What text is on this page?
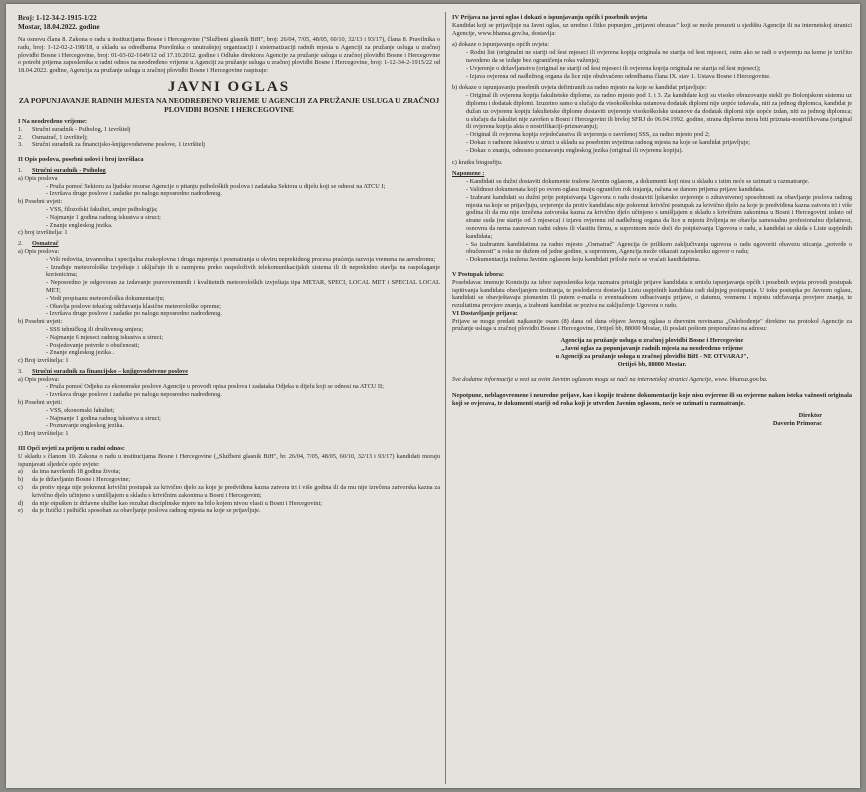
Broj: 1-12-34-2-1915-1/22
Mostar, 18.04.2022. godine

Na osnovu člana 8. Zakona o radu u institucijama Bosne i Hercegovine ("Službeni glasnik BiH", broj: 26/04, 7/05, 48/05, 60/10, 32/13 i 93/17), člana 8. Pravilnika o radu, broj: 1-12-02-2-198/18, u skladu sa odredbama Pravilnika o unutrašnjoj organizaciji i sistematizaciji radnih mjesta u Agenciji za pružanje usluga u zračnoj plovidbi Bosne i Hercegovine, broj: 01-03-02-1649/12 od 17.10.2012. godine i Odluke direktora Agencije za pružanje usluga u zračnoj plovidbi Bosne i Hercegovine o potrebi prijema zaposlenika u radni odnos na neodređeno vrijeme u Agenciji za pružanje usluga u zračnoj plovidbi Bosne i Hercegovine, broj: 1-12-34-2-1915/22 od 18.04.2022. godine, Agencija za pružanje usluga u zračnoj plovidbi Bosne i Hercegovine raspisuje:

JAVNI OGLAS
ZA POPUNJAVANJE RADNIH MJESTA NA NEODREĐENO VRIJEME U AGENCIJI ZA PRUŽANJE USLUGA U ZRAČNOJ PLOVIDBI BOSNE I HERCEGOVINE
I Na neodređeno vrijeme:
1.	Stručni suradnik - Psiholog, 1 izvršitelj
2.	Osmatrač, 1 izvršitelj;
3.	Stručni suradnik za financijsko-knjigovodstvene poslove, 1 izvršitelj
II Opis poslova, posebni uslovi i broj izvršilaca
1.	Stručni suradnik - Psiholog
a) Opis poslova
- Pruža pomoć Sektoru za ljudske resurse Agencije o pitanju psiholoških poslova i zadataka Sektora u dijelu koji se odnosi na ATCU I;
- Izvršava druge poslove i zadatke po nalogu neposredno nadređenog.
b) Posebni uvjeti:
- VSS, filozofski fakultet, smjer psihologija;
- Najmanje 1 godina radnog iskustva u struci;
- Znanje engleskog jezika.
c) broj izvršitelja: 1
2.	Osmatrač
a) Opis poslova:
- Vrši redovita, izvanredna i specijalna zrakoplovna i druga mjerenja i posmatranja u okviru neprekidnog procesa praćenja razvoja vremena na aerodromu;
- Izrađuje meteorološke izvještaje i uključuje ih u razmjenu preko raspoloživih telekomunikacijskih sistema ili ih neprekidno stavlja na raspolaganje korisnicima;
- Neposredno je odgovoran za izdavanje pravovremenih i kvalitetnih meteoroloških izvještaja tipa METAR, SPECI, LOCAL MET i SPECIAL LOCAL MET;
- Vodi propisanu meteorološku dokumentaciju;
- Obavlja poslove tekućeg održavanja klasične meteorološke opreme;
- Izvršava druge poslove i zadatke po nalogu neposredno nadređenog.
b) Posebni uvjeti:
- SSS tehničkog ili društvenog smjera;
- Najmanje 6 mjeseci radnog iskustva u struci;
- Posjedovanje potvrde o obučenosti;
- Znanje engleskog jezika .
c) Broj izvršitelja: 1
3.	Stručni suradnik za financijsko – knjigovodstvene poslove
a) Opis poslova:
- Pruža pomoć Odjeku za ekonomske poslove Agencije u provođi opisa poslova i zadataka Odjeka u dijelu koji se odnosi na ATCU II;
- Izvršava druge poslove i zadatke po nalogu neposredno nadređenog.
b) Posebni uvjeti:
- VSS, ekonomski fakultet;
- Najmanje 1 godina radnog iskustva u struci;
- Poznavanje engleskog jezika.
c) Broj izvršitelja: 1
III Opći uvjeti za prijem u radni odnos:

U skladu s članom 10. Zakona o radu u institucijama Bosne i Hercegovine („Službeni glasnik BiH", br. 26/04, 7/05, 48/05, 60/10, 32/13 i 93/17) kandidati moraju ispunjavati sljedeće opće uvjete:

a)	da ima navršenih 18 godina života;
b)	da je državljanin Bosne i Hercegovine;
c)	da protiv njega nije pokrenut krivični postupak za krivično djelo za koje je predviđena kazna zatvora tri i više godina ili da mu nije izrečena zatvorska kazna za krivično djelo učinjeno s umišljajem u skladu s krivičnim zakonima u Bosni i Hercegovini;
d)	da nije otpušten iz državne službe kao rezultat disciplinske mjere na bilo kojem nivou vlasti u Bosni i Hercegovini;
e)	da je fizički i psihički sposoban za obavljanje poslova radnog mjesta na koje se prijavljuje.
IV Prijava na javni oglas i dokazi o ispunjavanju općih i posebnih uvjeta

Kandidat koji se prijavljuje na Javni oglas, uz uredno i čitko popunjen „prijavni obrazac" koji se može preuzeti u sjedištu Agencije ili na internetskoj stranici Agencije, www.bhansa.gov.ba, dostavlja:

a) dokaze o ispunjavanju općih uvjeta:
- Rodni list (originalni ne stariji od šest mjeseci ili ovjerena kopija originala ne starija od šest mjeseci, osim ako se radi o uvjerenju na kome je izričito navedeno da se izdaje bez ograničenja roka važenja);
- Uvjerenje o državljanstvu (original ne stariji od šest mjeseci ili ovjerena kopija originala ne starija od šest mjeseci);
- Izjava ovjerena od nadležnog organa da lice nije obuhvaćeno odredbama člana IX. stav 1. Ustava Bosne i Hercegovine.
b) dokaze o ispunjavanju posebnih uvjeta definiranih za radno mjesto na koje se kandidat prijavljuje:
- Original ili ovjerena kopija fakultetske diplome, za radno mjesto pod 1. i 3. Za kandidate koji su visoko obrazovanje stekli po Bolonjskom sistemu uz diplomu i dodatak diplomi. Izuzetno samo u slučaju da visokoškolska ustanova dodatak diplomi nije uopće izdavala, niti za jednog diplomca, kandidat je dužan uz ovjerenu kopiju fakultetske diplome dostaviti uvjerenje visokoškolske ustanove da dodatak diplomi nije uopće izdan, niti za jednog diplomca; u slučaju da fakultet nije završen u Bosni i Hercegovini ili bivšoj SFRJ do 06.04.1992. godine, strana diploma mora biti priznata-nostrifikovana (original ili ovjerena kopija akta o nostrifikaciji-priznavanju);
- Original ili ovjerena kopija svjedočanstva ili uvjerenja o završenoj SSS, za radno mjesto pod 2;
- Dokaz o radnom iskustvu u struci u skladu sa posebnim uvjetima radnog mjesta na koje se kandidat prijavljuje;
- Dokaz o znanju, odnosno poznavanju engleskog jezika (original ili ovjerenu kopiju).
c) kratku biografiju.
Napomene :
- Kandidati su dužni dostaviti dokumente tražene Javnim oglasom, a dokumenti koji nisu u skladu s istim neće se uzimati u razmatranje.
- Validnost dokumenata koji po ovom oglasu imaju ograničen rok trajanja, računa se danom prijema prijave kandidata.
- Izabrani kandidati su dužni prije potpisivanja Ugovora o radu dostaviti ljekarsko uvjerenje o zdravstvenoj sposobnosti za obavljanje poslova radnog mjesta na koje se prijavljuju, uvjerenje da protiv kandidata nije pokrenut krivični postupak za krivično djelo za koje je predviđena kazna zatvora tri i više godina ili da mu nije izrečena zatvorska kazna za krivično djelo učinjeno s umišljajem u skladu s krivičnim zakonima u Bosni i Hercegovini izdato od strane suda (ne starije od 3 mjeseca) i izjavu ovjerenu od nadležnog organa da lice u mjestu življenja ne obavlja samostalnu profesionalnu djelatnost, osnovnu da nema zasnovan radni odnos ili vlastitu firmu, u suprotnom neće doći do potpisivanja Ugovora o radu, a kandidat se skida s Liste uspješnih kandidata;
- Sa izabranim kandidatima za radno mjesto „Osmatrač" Agencija će prilikom zaključivanja ugovora o radu ugovoriti obavezu sticanja „potvrde o obučenosti" u roku ne dužem od jedne godine, u suprotnom, Agencija može otkazati zaposleniku ugovor o radu;
- Dokumentacija tražena Javnim oglasom koju kandidati prilože neće se vraćati kandidatima.
V Postupak izbora:

Posebdavac imenuje Komisiju za izbor zaposlenika koja razmatra pristigle prijave kandidata u smislu ispunjavanja općih i posebnih uvjeta provodi postupak ispitivanja kandidata obavljanjem testiranja, te poslodavcu dostavlja Listu uspješnih kandidata radi daljnjeg postupanja. U toku postupka po Javnom oglasu, kandidati se obavještavaju pismenim ili putem e-maila o eventualnom odbacivanju prijave, o datumu, vremenu i mjestu održavanja provjere znanja, te rezultatima provjere znanja, a izabrani kandidat se poziva na zaključenje Ugovora o radu.

VI Dostavljanje prijava:

Prijave se mogu predati najkasnije osam (8) dana od dana objave Javnog oglasa u dnevnim novinama „Oslobođenje" direktno na protokol Agencije za pružanje usluga u zračnoj plovidbi Bosne i Hercegovine, Ortiješ bb, 88000 Mostar, ili poslati poštom preporučeno na adresu:

Agencija za pružanje usluga u zračnoj plovidbi Bosne i Hercegovine
„Javni oglas za popunjavanje radnih mjesta na neodređeno vrijeme
u Agenciji za pružanje usluga u zračnoj plovidbi BiH - NE OTVARAJ",
Ortiješ bb, 88000 Mostar.

Sve dodatne informacije u vezi sa ovim Javnim oglasom mogu se naći na internetskoj stranici Agencije, www. bhansa.gov.ba.

Nepotpune, neblagovremene i neuredne prijave, kao i kopije tražene dokumentacije koje nisu ovjerene ili su ovjerene nakon isteka važnosti originala koji se ovjerava, te dokumenti stariji od roka koji je utvrđen Javnim oglasom, neće se uzimati u razmatranje.

Direktor
Davorin Primorac
